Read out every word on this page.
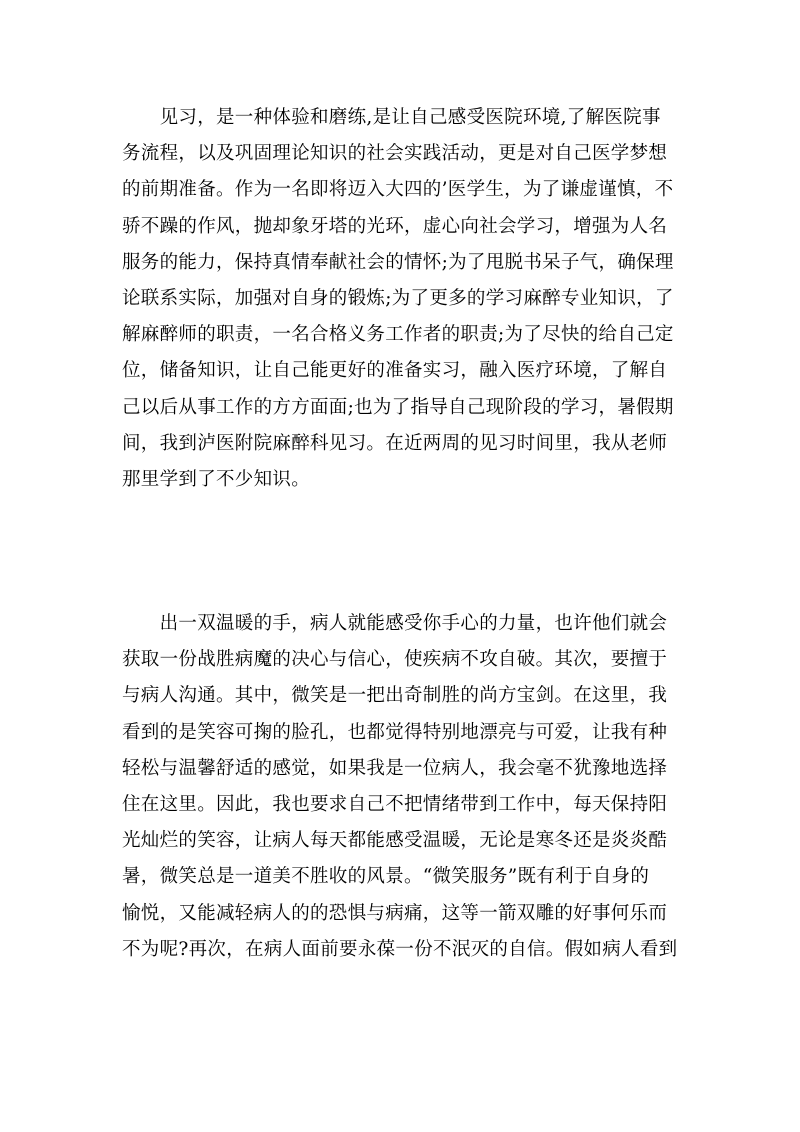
　　见习，是一种体验和磨练,是让自己感受医院环境,了解医院事
务流程，以及巩固理论知识的社会实践活动，更是对自己医学梦想
的前期准备。作为一名即将迈入大四的’医学生，为了谦虚谨慎，不
骄不躁的作风，抛却象牙塔的光环，虚心向社会学习，增强为人名
服务的能力，保持真情奉献社会的情怀;为了甩脱书呆子气，确保理
论联系实际，加强对自身的锻炼;为了更多的学习麻醉专业知识，了
解麻醉师的职责，一名合格义务工作者的职责;为了尽快的给自己定
位，储备知识，让自己能更好的准备实习，融入医疗环境，了解自
己以后从事工作的方方面面;也为了指导自己现阶段的学习，暑假期
间，我到泸医附院麻醉科见习。在近两周的见习时间里，我从老师
那里学到了不少知识。
　　出一双温暖的手，病人就能感受你手心的力量，也许他们就会
获取一份战胜病魔的决心与信心，使疾病不攻自破。其次，要擅于
与病人沟通。其中，微笑是一把出奇制胜的尚方宝剑。在这里，我
看到的是笑容可掬的脸孔，也都觉得特别地漂亮与可爱，让我有种
轻松与温馨舒适的感觉，如果我是一位病人，我会毫不犹豫地选择
住在这里。因此，我也要求自己不把情绪带到工作中，每天保持阳
光灿烂的笑容，让病人每天都能感受温暖，无论是寒冬还是炎炎酷
暑，微笑总是一道美不胜收的风景。“微笑服务”既有利于自身的
愉悦，又能减轻病人的的恐惧与病痛，这等一箭双雕的好事何乐而
不为呢?再次，在病人面前要永葆一份不泯灭的自信。假如病人看到
